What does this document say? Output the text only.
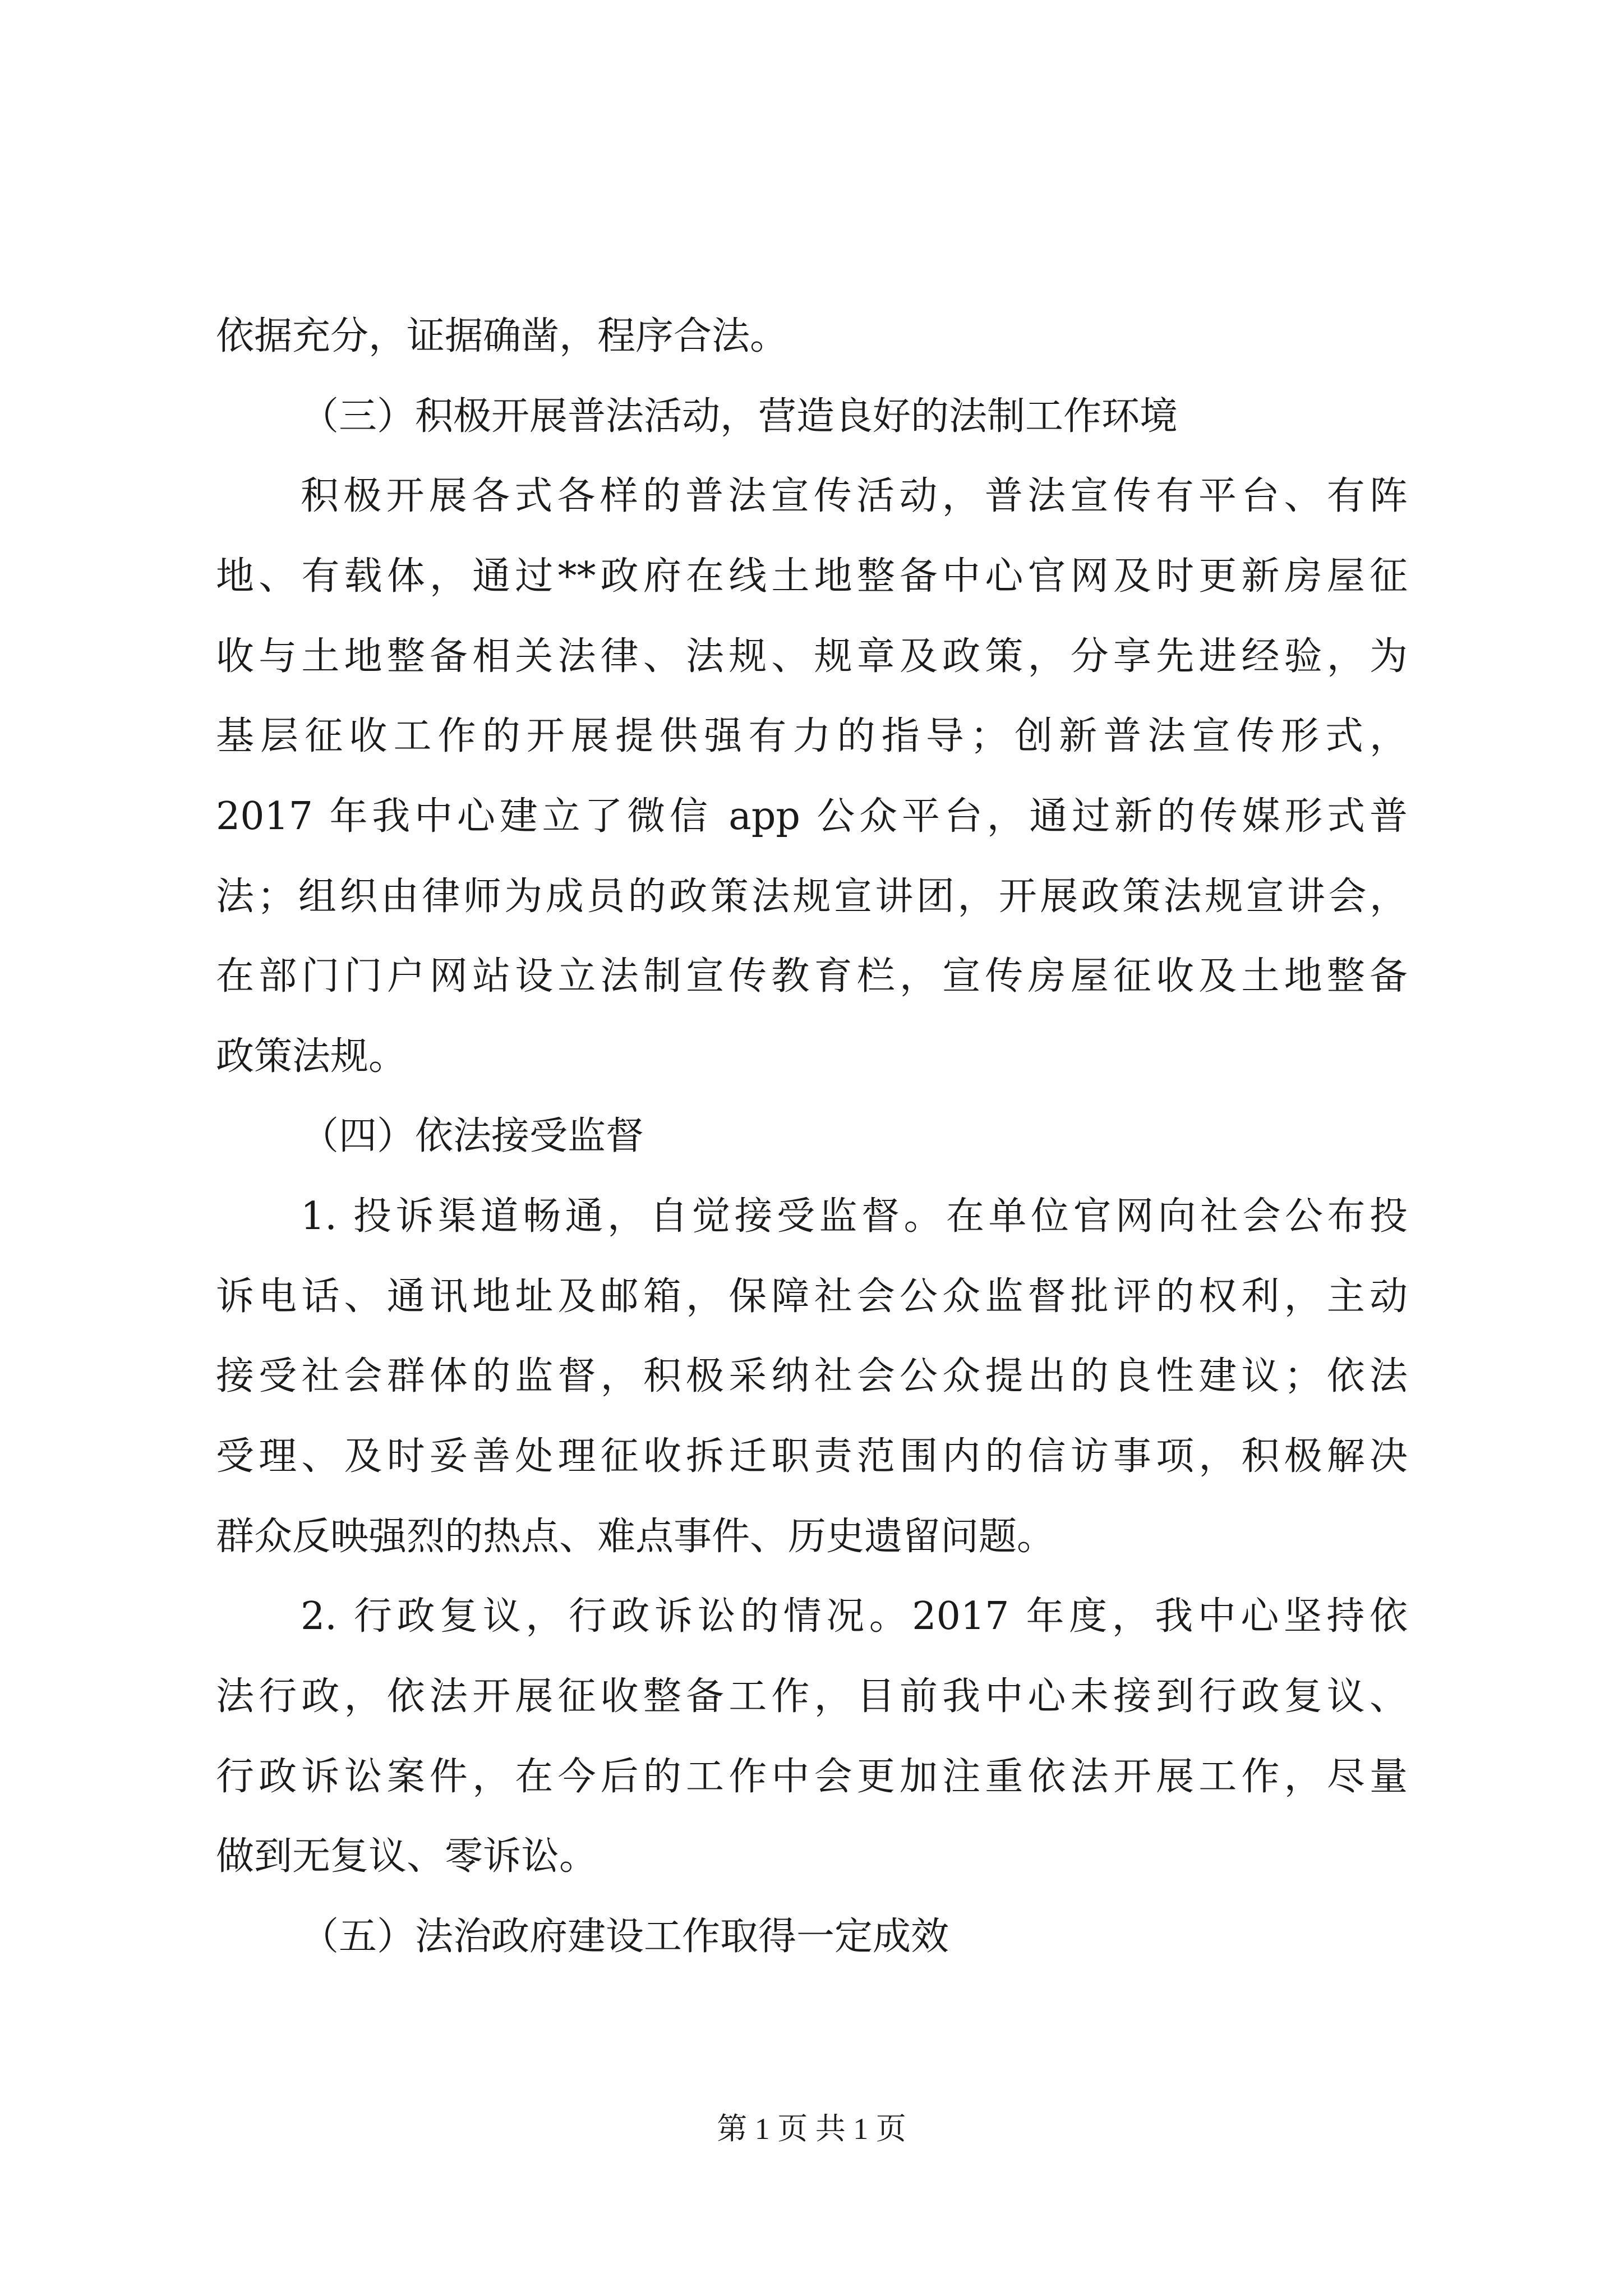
依据充分，证据确凿，程序合法。
（三）积极开展普法活动，营造良好的法制工作环境
积极开展各式各样的普法宣传活动，普法宣传有平台、有阵
地、有载体，通过**政府在线土地整备中心官网及时更新房屋征
收与土地整备相关法律、法规、规章及政策，分享先进经验，为
基层征收工作的开展提供强有力的指导；创新普法宣传形式，
2017 年我中心建立了微信 app 公众平台，通过新的传媒形式普
法；组织由律师为成员的政策法规宣讲团，开展政策法规宣讲会，
在部门门户网站设立法制宣传教育栏，宣传房屋征收及土地整备
政策法规。
（四）依法接受监督
1. 投诉渠道畅通，自觉接受监督。在单位官网向社会公布投
诉电话、通讯地址及邮箱，保障社会公众监督批评的权利，主动
接受社会群体的监督，积极采纳社会公众提出的良性建议；依法
受理、及时妥善处理征收拆迁职责范围内的信访事项，积极解决
群众反映强烈的热点、难点事件、历史遗留问题。
2. 行政复议，行政诉讼的情况。2017 年度，我中心坚持依
法行政，依法开展征收整备工作，目前我中心未接到行政复议、
行政诉讼案件，在今后的工作中会更加注重依法开展工作，尽量
做到无复议、零诉讼。
（五）法治政府建设工作取得一定成效
第 1 页 共 1 页
